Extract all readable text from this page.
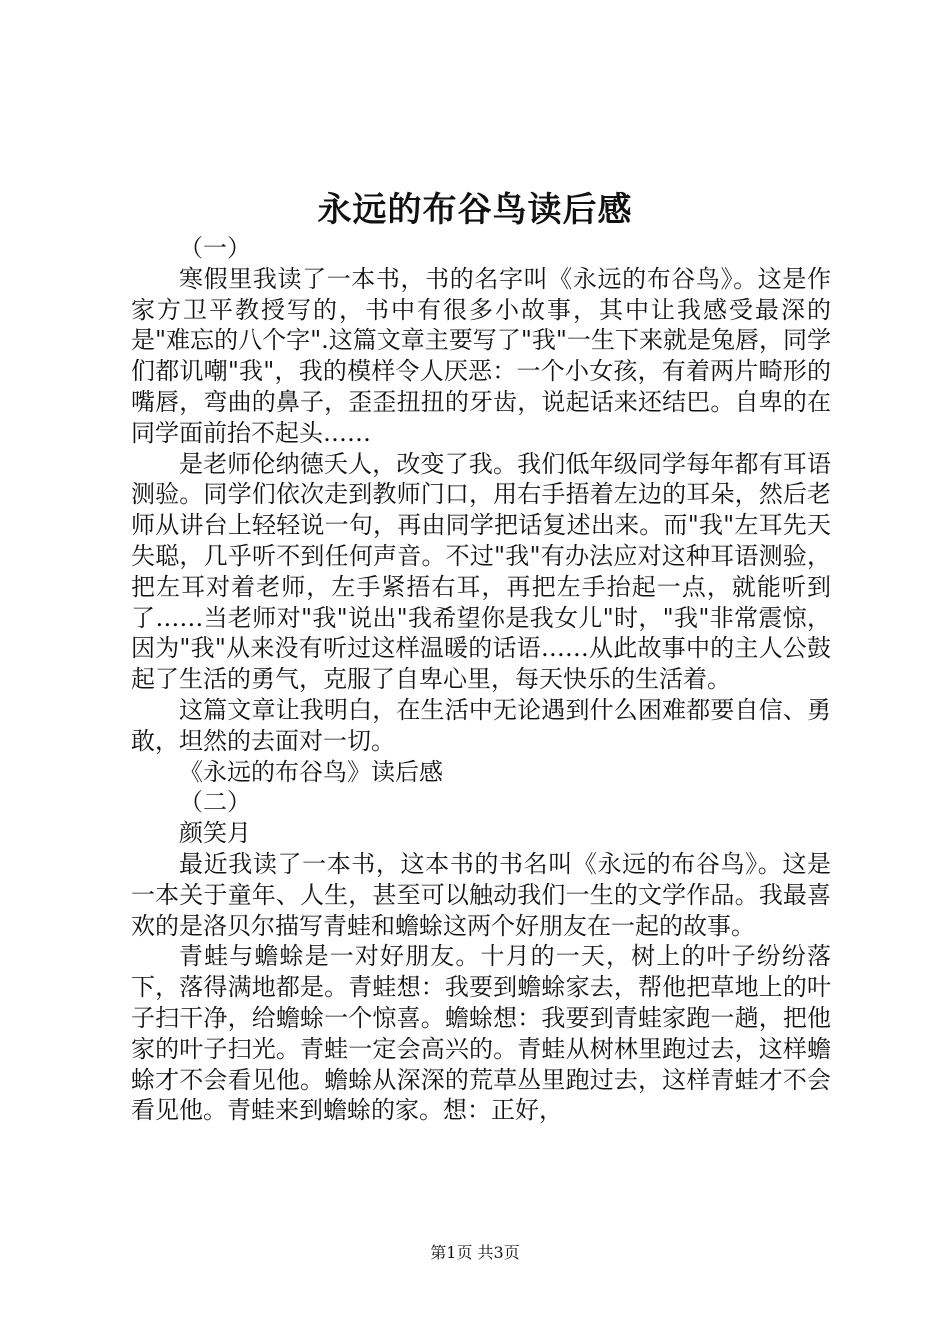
永远的布谷鸟读后感

（一）

寒假里我读了一本书，书的名字叫《永远的布谷鸟》。这是作家方卫平教授写的，书中有很多小故事，其中让我感受最深的是"难忘的八个字".这篇文章主要写了"我"一生下来就是兔唇，同学们都讥嘲"我"，我的模样令人厌恶：一个小女孩，有着两片畸形的嘴唇，弯曲的鼻子，歪歪扭扭的牙齿，说起话来还结巴。自卑的在同学面前抬不起头……

是老师伦纳德夭人，改变了我。我们低年级同学每年都有耳语测验。同学们依次走到教师门口，用右手捂着左边的耳朵，然后老师从讲台上轻轻说一句，再由同学把话复述出来。而"我"左耳先天失聪，几乎听不到任何声音。不过"我"有办法应对这种耳语测验，把左耳对着老师，左手紧捂右耳，再把左手抬起一点，就能听到了……当老师对"我"说出"我希望你是我女儿"时，"我"非常震惊，因为"我"从来没有听过这样温暖的话语……从此故事中的主人公鼓起了生活的勇气，克服了自卑心里，每天快乐的生活着。

这篇文章让我明白，在生活中无论遇到什么困难都要自信、勇敢，坦然的去面对一切。

《永远的布谷鸟》读后感

（二）

颜笑月

最近我读了一本书，这本书的书名叫《永远的布谷鸟》。这是一本关于童年、人生，甚至可以触动我们一生的文学作品。我最喜欢的是洛贝尔描写青蛙和蟾蜍这两个好朋友在一起的故事。

青蛙与蟾蜍是一对好朋友。十月的一天，树上的叶子纷纷落下，落得满地都是。青蛙想：我要到蟾蜍家去，帮他把草地上的叶子扫干净，给蟾蜍一个惊喜。蟾蜍想：我要到青蛙家跑一趟，把他家的叶子扫光。青蛙一定会高兴的。青蛙从树林里跑过去，这样蟾蜍才不会看见他。蟾蜍从深深的荒草丛里跑过去，这样青蛙才不会看见他。青蛙来到蟾蜍的家。想：正好，

第1页 共3页
